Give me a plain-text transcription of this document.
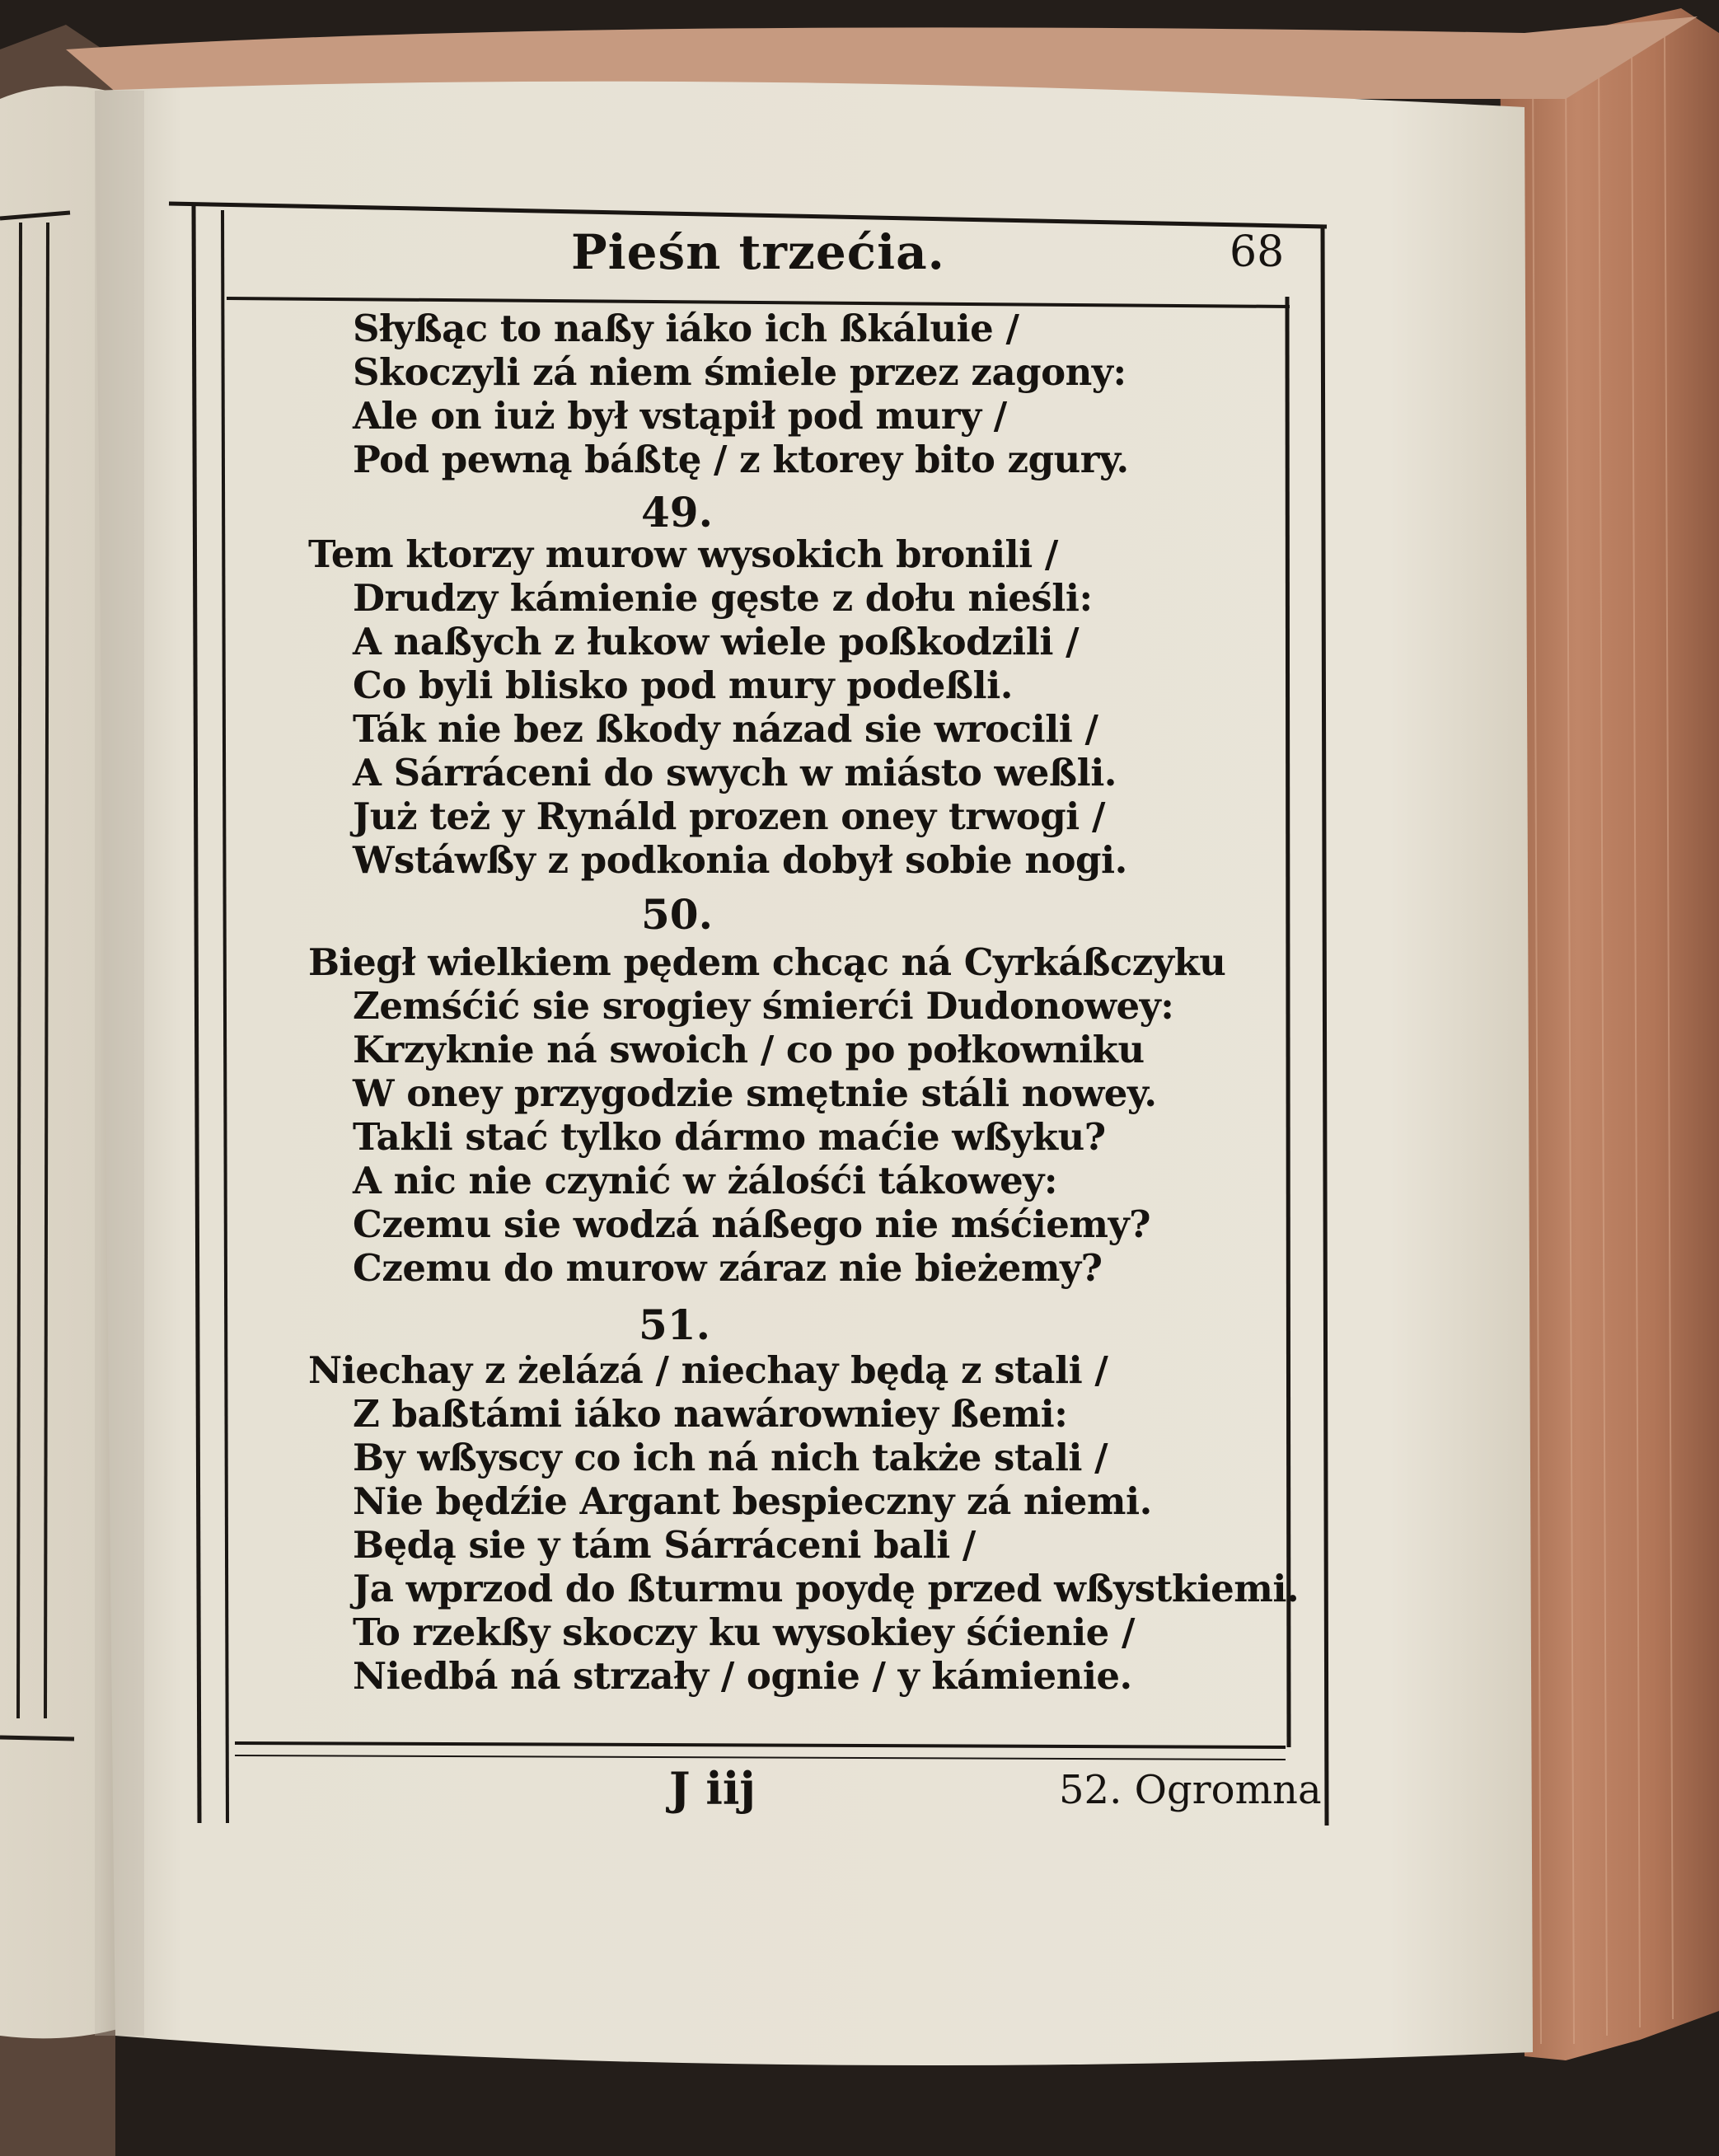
Pieśn trzećia.	68
Słyßąc to naßy iáko ich ßkáluie /
Skoczyli zá niem śmiele przez zagony:
Ale on iuż był vstąpił pod mury /
Pod pewną báßtę / z ktorey bito zgury.
49.
Tem ktorzy murow wysokich bronili /
Drudzy kámienie gęste z dołu nieśli:
A naßych z łukow wiele poßkodzili /
Co byli blisko pod mury podeßli.
Ták nie bez ßkody názad sie wrocili /
A Sárráceni do swych w miásto weßli.
Już też y Rynáld prozen oney trwogi /
Wstáwßy z podkonia dobył sobie nogi.
50.
Biegł wielkiem pędem chcąc ná Cyrkáßczyku
Zemśćić sie srogiey śmierći Dudonowey:
Krzyknie ná swoich / co po połkowniku
W oney przygodzie smętnie stáli nowey.
Takli stać tylko dármo maćie wßyku?
A nic nie czynić w żálośći tákowey:
Czemu sie wodzá náßego nie mśćiemy?
Czemu do murow záraz nie bieżemy?
51.
Niechay z żelázá / niechay będą z stali /
Z baßtámi iáko nawárowniey ßemi:
By wßyscy co ich ná nich także stali /
Nie będźie Argant bespieczny zá niemi.
Będą sie y tám Sárráceni bali /
Ja wprzod do ßturmu poydę przed wßystkiemi.
To rzekßy skoczy ku wysokiey śćienie /
Niedbá ná strzały / ognie / y kámienie.
J iij	52. Ogromna
